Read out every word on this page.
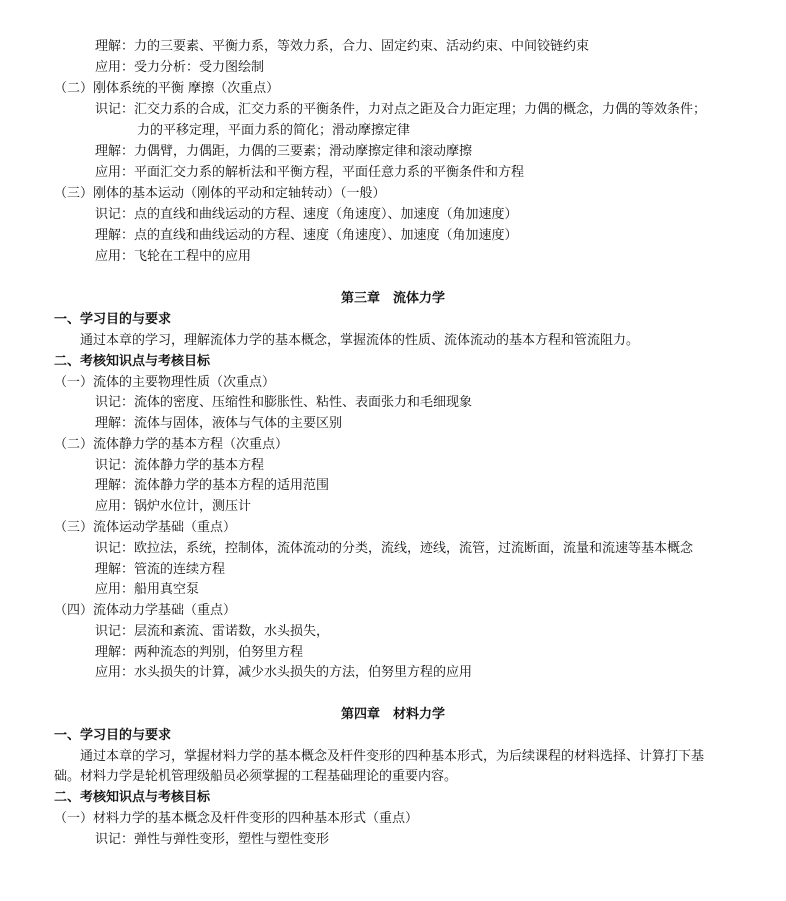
理解：力的三要素、平衡力系，等效力系，合力、固定约束、活动约束、中间铰链约束
应用：受力分析：受力图绘制
（二）刚体系统的平衡 摩擦（次重点）
识记：汇交力系的合成，汇交力系的平衡条件，力对点之距及合力距定理；力偶的概念，力偶的等效条件；
力的平移定理，平面力系的简化；滑动摩擦定律
理解：力偶臂，力偶距，力偶的三要素；滑动摩擦定律和滚动摩擦
应用：平面汇交力系的解析法和平衡方程，平面任意力系的平衡条件和方程
（三）刚体的基本运动（刚体的平动和定轴转动）（一般）
识记：点的直线和曲线运动的方程、速度（角速度）、加速度（角加速度）
理解：点的直线和曲线运动的方程、速度（角速度）、加速度（角加速度）
应用：飞轮在工程中的应用
第三章　流体力学
一、学习目的与要求
通过本章的学习，理解流体力学的基本概念，掌握流体的性质、流体流动的基本方程和管流阻力。
二、考核知识点与考核目标
（一）流体的主要物理性质（次重点）
识记：流体的密度、压缩性和膨胀性、粘性、表面张力和毛细现象
理解：流体与固体，液体与气体的主要区别
（二）流体静力学的基本方程（次重点）
识记：流体静力学的基本方程
理解：流体静力学的基本方程的适用范围
应用：锅炉水位计，测压计
（三）流体运动学基础（重点）
识记：欧拉法，系统，控制体，流体流动的分类，流线，迹线，流管，过流断面，流量和流速等基本概念
理解：管流的连续方程
应用：船用真空泵
（四）流体动力学基础（重点）
识记：层流和紊流、雷诺数，水头损失，
理解：两种流态的判别，伯努里方程
应用：水头损失的计算，减少水头损失的方法，伯努里方程的应用
第四章　材料力学
一、学习目的与要求
通过本章的学习，掌握材料力学的基本概念及杆件变形的四种基本形式，为后续课程的材料选择、计算打下基
础。材料力学是轮机管理级船员必须掌握的工程基础理论的重要内容。
二、考核知识点与考核目标
（一）材料力学的基本概念及杆件变形的四种基本形式（重点）
识记：弹性与弹性变形，塑性与塑性变形
